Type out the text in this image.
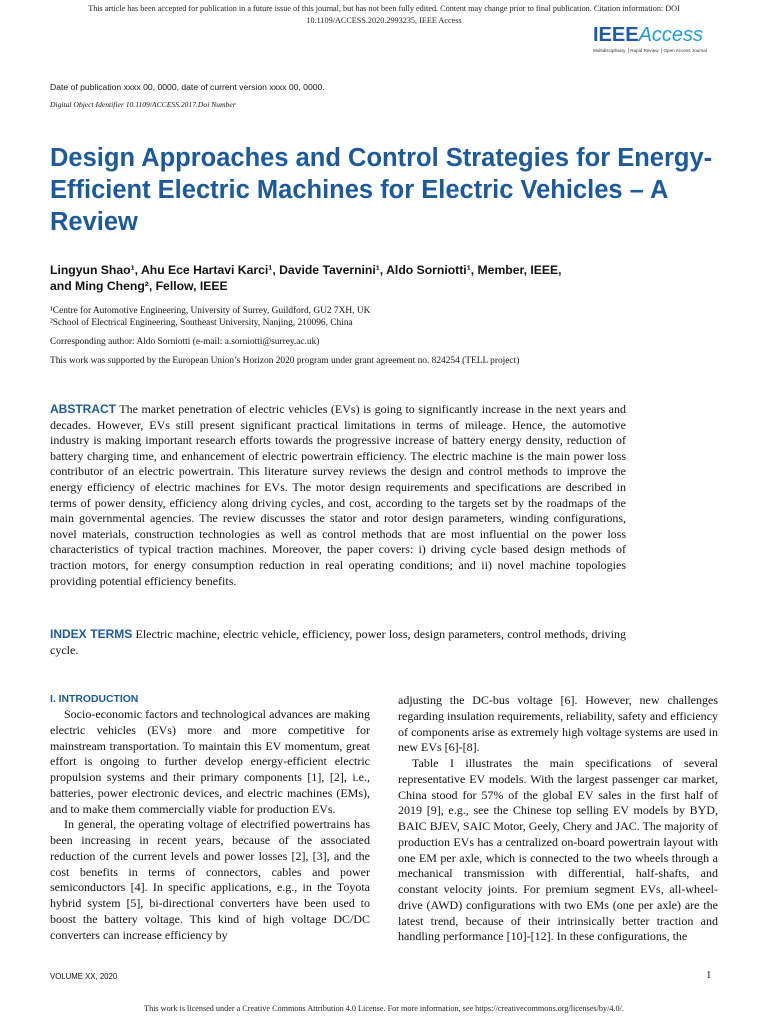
This article has been accepted for publication in a future issue of this journal, but has not been fully edited. Content may change prior to final publication. Citation information: DOI
10.1109/ACCESS.2020.2993235, IEEE Access
IEEEAccess
Multidisciplinary ⎟ Rapid Review ⎟ Open Access Journal
Date of publication xxxx 00, 0000, date of current version xxxx 00, 0000.
Digital Object Identifier 10.1109/ACCESS.2017.Doi Number
Design Approaches and Control Strategies for Energy-Efficient Electric Machines for Electric Vehicles – A Review
Lingyun Shao¹, Ahu Ece Hartavi Karci¹, Davide Tavernini¹, Aldo Sorniotti¹, Member, IEEE,
and Ming Cheng², Fellow, IEEE
¹Centre for Automotive Engineering, University of Surrey, Guildford, GU2 7XH, UK
²School of Electrical Engineering, Southeast University, Nanjing, 210096, China
Corresponding author: Aldo Sorniotti (e-mail: a.sorniotti@surrey.ac.uk)
This work was supported by the European Union’s Horizon 2020 program under grant agreement no. 824254 (TELL project)
ABSTRACT The market penetration of electric vehicles (EVs) is going to significantly increase in the next years and decades. However, EVs still present significant practical limitations in terms of mileage. Hence, the automotive industry is making important research efforts towards the progressive increase of battery energy density, reduction of battery charging time, and enhancement of electric powertrain efficiency. The electric machine is the main power loss contributor of an electric powertrain. This literature survey reviews the design and control methods to improve the energy efficiency of electric machines for EVs. The motor design requirements and specifications are described in terms of power density, efficiency along driving cycles, and cost, according to the targets set by the roadmaps of the main governmental agencies. The review discusses the stator and rotor design parameters, winding configurations, novel materials, construction technologies as well as control methods that are most influential on the power loss characteristics of typical traction machines. Moreover, the paper covers: i) driving cycle based design methods of traction motors, for energy consumption reduction in real operating conditions; and ii) novel machine topologies providing potential efficiency benefits.
INDEX TERMS Electric machine, electric vehicle, efficiency, power loss, design parameters, control methods, driving cycle.
I. INTRODUCTION

Socio-economic factors and technological advances are making electric vehicles (EVs) more and more competitive for mainstream transportation. To maintain this EV momentum, great effort is ongoing to further develop energy-efficient electric propulsion systems and their primary components [1], [2], i.e., batteries, power electronic devices, and electric machines (EMs), and to make them commercially viable for production EVs.

In general, the operating voltage of electrified powertrains has been increasing in recent years, because of the associated reduction of the current levels and power losses [2], [3], and the cost benefits in terms of connectors, cables and power semiconductors [4]. In specific applications, e.g., in the Toyota hybrid system [5], bi-directional converters have been used to boost the battery voltage. This kind of high voltage DC/DC converters can increase efficiency by

adjusting the DC-bus voltage [6]. However, new challenges regarding insulation requirements, reliability, safety and efficiency of components arise as extremely high voltage systems are used in new EVs [6]-[8].

Table I illustrates the main specifications of several representative EV models. With the largest passenger car market, China stood for 57% of the global EV sales in the first half of 2019 [9], e.g., see the Chinese top selling EV models by BYD, BAIC BJEV, SAIC Motor, Geely, Chery and JAC. The majority of production EVs has a centralized on-board powertrain layout with one EM per axle, which is connected to the two wheels through a mechanical transmission with differential, half-shafts, and constant velocity joints. For premium segment EVs, all-wheel-drive (AWD) configurations with two EMs (one per axle) are the latest trend, because of their intrinsically better traction and handling performance [10]-[12]. In these configurations, the

VOLUME XX, 2020	1
This work is licensed under a Creative Commons Attribution 4.0 License. For more information, see https://creativecommons.org/licenses/by/4.0/.
